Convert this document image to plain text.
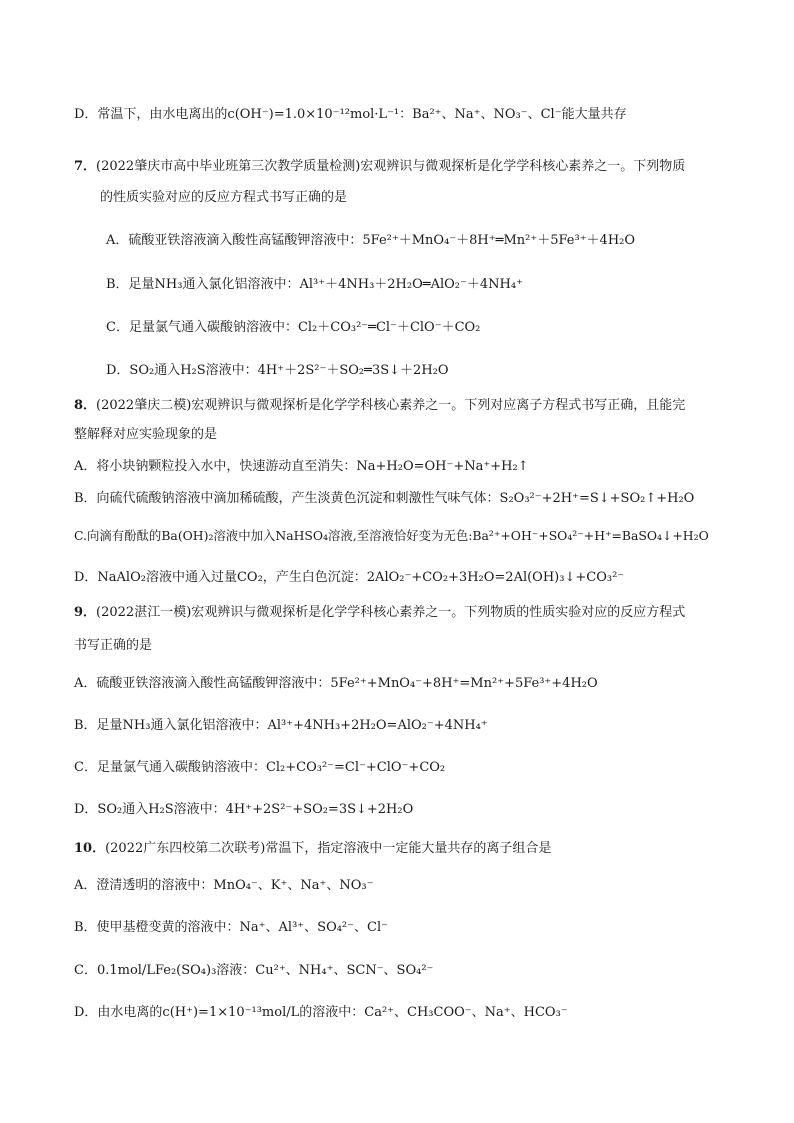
D．常温下，由水电离出的c(OH⁻)=1.0×10⁻¹²mol·L⁻¹：Ba²⁺、Na⁺、NO₃⁻、Cl⁻能大量共存
7．(2022肇庆市高中毕业班第三次教学质量检测)宏观辨识与微观探析是化学学科核心素养之一。下列物质
的性质实验对应的反应方程式书写正确的是
A．硫酸亚铁溶液滴入酸性高锰酸钾溶液中：5Fe²⁺＋MnO₄⁻＋8H⁺═Mn²⁺＋5Fe³⁺＋4H₂O
B．足量NH₃通入氯化铝溶液中：Al³⁺＋4NH₃＋2H₂O═AlO₂⁻＋4NH₄⁺
C．足量氯气通入碳酸钠溶液中：Cl₂＋CO₃²⁻═Cl⁻＋ClO⁻＋CO₂
D．SO₂通入H₂S溶液中：4H⁺＋2S²⁻＋SO₂═3S↓＋2H₂O
8．(2022肇庆二模)宏观辨识与微观探析是化学学科核心素养之一。下列对应离子方程式书写正确，且能完
整解释对应实验现象的是
A．将小块钠颗粒投入水中，快速游动直至消失：Na+H₂O=OH⁻+Na⁺+H₂↑
B．向硫代硫酸钠溶液中滴加稀硫酸，产生淡黄色沉淀和刺激性气味气体：S₂O₃²⁻+2H⁺=S↓+SO₂↑+H₂O
C.向滴有酚酞的Ba(OH)₂溶液中加入NaHSO₄溶液,至溶液恰好变为无色:Ba²⁺+OH⁻+SO₄²⁻+H⁺=BaSO₄↓+H₂O
D．NaAlO₂溶液中通入过量CO₂，产生白色沉淀：2AlO₂⁻+CO₂+3H₂O=2Al(OH)₃↓+CO₃²⁻
9．(2022湛江一模)宏观辨识与微观探析是化学学科核心素养之一。下列物质的性质实验对应的反应方程式
书写正确的是
A．硫酸亚铁溶液滴入酸性高锰酸钾溶液中：5Fe²⁺+MnO₄⁻+8H⁺=Mn²⁺+5Fe³⁺+4H₂O
B．足量NH₃通入氯化铝溶液中：Al³⁺+4NH₃+2H₂O=AlO₂⁻+4NH₄⁺
C．足量氯气通入碳酸钠溶液中：Cl₂+CO₃²⁻=Cl⁻+ClO⁻+CO₂
D．SO₂通入H₂S溶液中：4H⁺+2S²⁻+SO₂=3S↓+2H₂O
10．(2022广东四校第二次联考)常温下，指定溶液中一定能大量共存的离子组合是
A．澄清透明的溶液中：MnO₄⁻、K⁺、Na⁺、NO₃⁻
B．使甲基橙变黄的溶液中：Na⁺、Al³⁺、SO₄²⁻、Cl⁻
C．0.1mol/LFe₂(SO₄)₃溶液：Cu²⁺、NH₄⁺、SCN⁻、SO₄²⁻
D．由水电离的c(H⁺)=1×10⁻¹³mol/L的溶液中：Ca²⁺、CH₃COO⁻、Na⁺、HCO₃⁻
